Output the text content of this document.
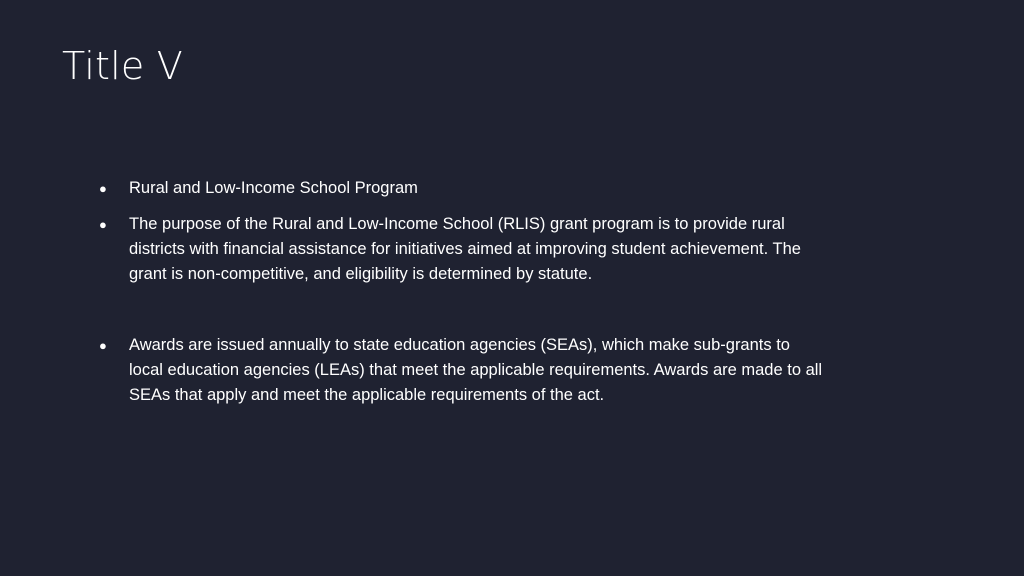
Title V
● Rural and Low-Income School Program
● The purpose of the Rural and Low-Income School (RLIS) grant program is to provide rural districts with financial assistance for initiatives aimed at improving student achievement. The grant is non-competitive, and eligibility is determined by statute.
● Awards are issued annually to state education agencies (SEAs), which make sub-grants to local education agencies (LEAs) that meet the applicable requirements. Awards are made to all SEAs that apply and meet the applicable requirements of the act.
